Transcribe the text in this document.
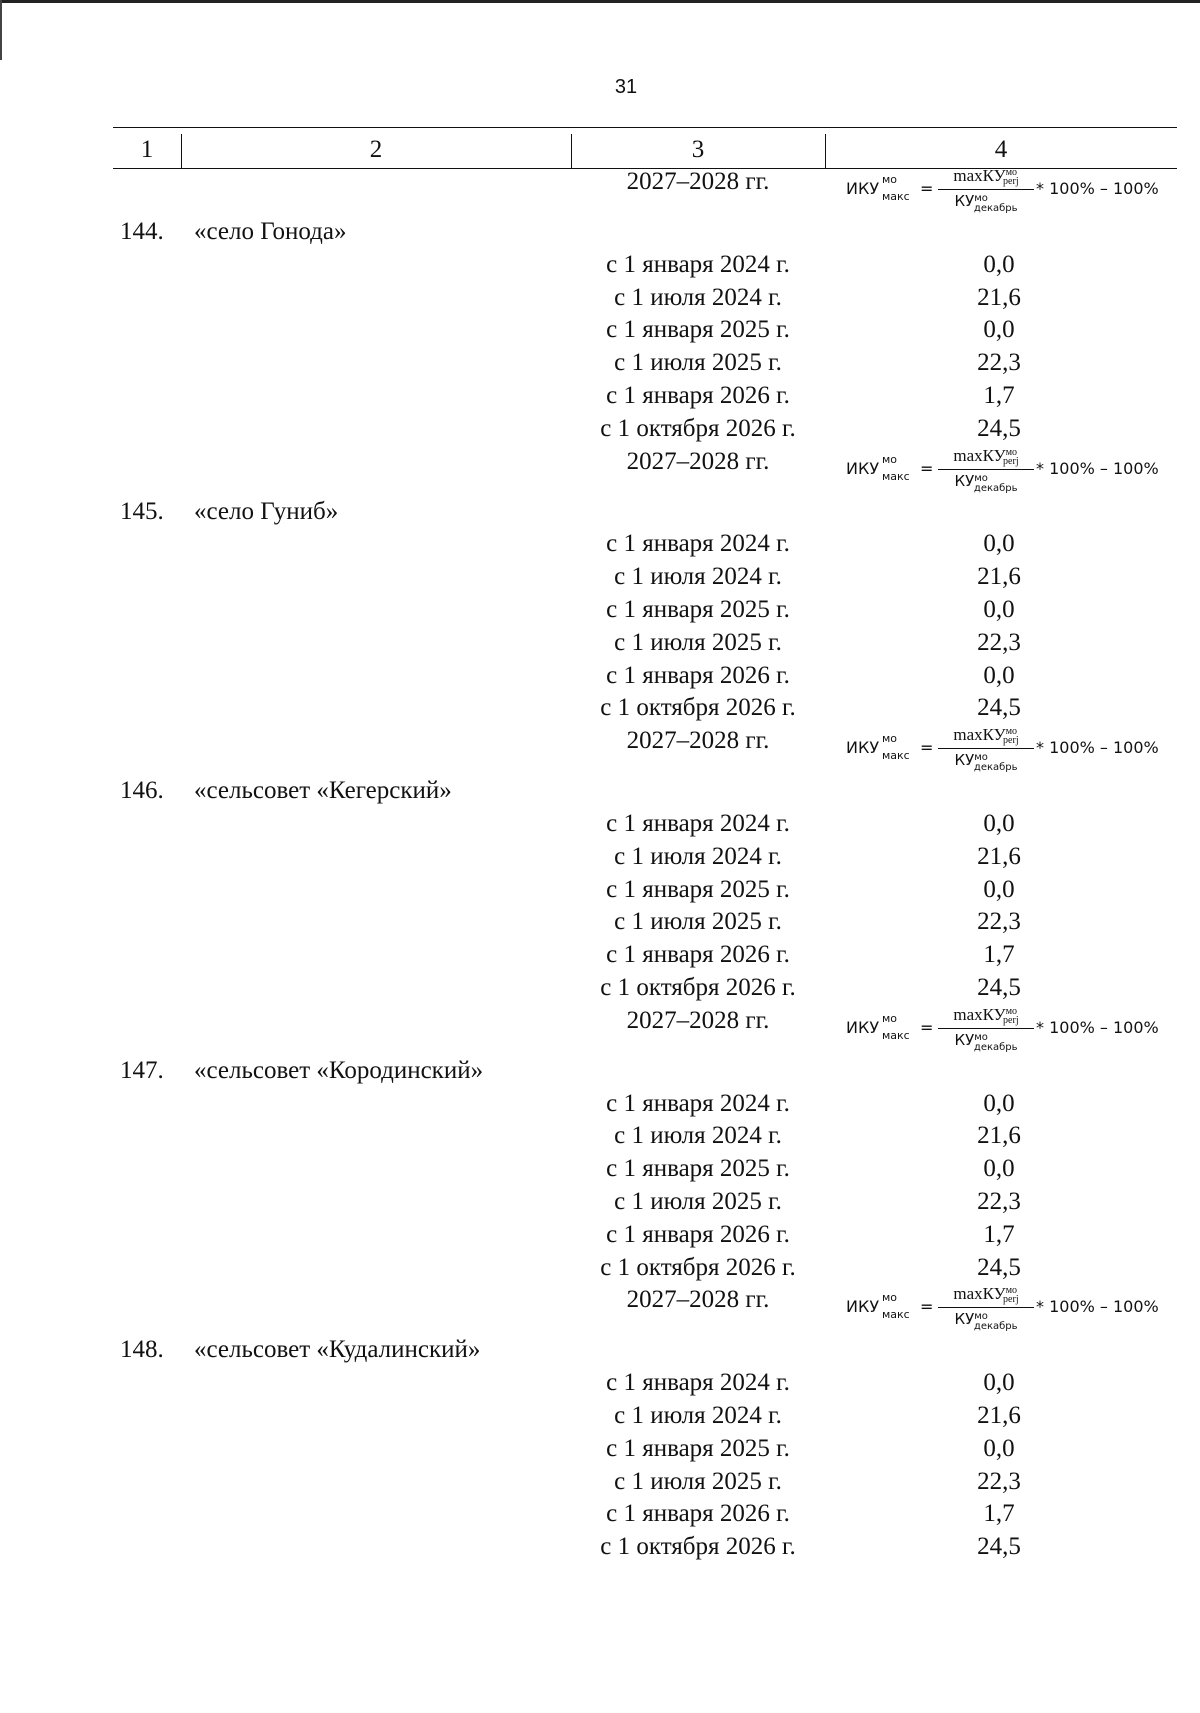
31
1	2	3	4
2027–2028 гг.	ИКУ мо
макс =
maxКУ$^{мо}$perj
$КУ^{мо}_{декабрь}$
* 100% – 100%
144.	«село Гонода»
с 1 января 2024 г.	0,0
с 1 июля 2024 г.	21,6
с 1 января 2025 г.	0,0
с 1 июля 2025 г.	22,3
с 1 января 2026 г.	1,7
с 1 октября 2026 г.	24,5
2027–2028 гг.	ИКУ мо
макс =
maxКУ$^{мо}$perj
$КУ^{мо}_{декабрь}$
* 100% – 100%
145.	«село Гуниб»
с 1 января 2024 г.	0,0
с 1 июля 2024 г.	21,6
с 1 января 2025 г.	0,0
с 1 июля 2025 г.	22,3
с 1 января 2026 г.	0,0
с 1 октября 2026 г.	24,5
2027–2028 гг.	ИКУ мо
макс =
maxКУ$^{мо}$perj
$КУ^{мо}_{декабрь}$
* 100% – 100%
146.	«сельсовет «Кегерский»
с 1 января 2024 г.	0,0
с 1 июля 2024 г.	21,6
с 1 января 2025 г.	0,0
с 1 июля 2025 г.	22,3
с 1 января 2026 г.	1,7
с 1 октября 2026 г.	24,5
2027–2028 гг.	ИКУ мо
макс =
maxКУ$^{мо}$perj
$КУ^{мо}_{декабрь}$
* 100% – 100%
147.	«сельсовет «Кородинский»
с 1 января 2024 г.	0,0
с 1 июля 2024 г.	21,6
с 1 января 2025 г.	0,0
с 1 июля 2025 г.	22,3
с 1 января 2026 г.	1,7
с 1 октября 2026 г.	24,5
2027–2028 гг.	ИКУ мо
макс =
maxКУ$^{мо}$perj
$КУ^{мо}_{декабрь}$
* 100% – 100%
148.	«сельсовет «Кудалинский»
с 1 января 2024 г.	0,0
с 1 июля 2024 г.	21,6
с 1 января 2025 г.	0,0
с 1 июля 2025 г.	22,3
с 1 января 2026 г.	1,7
с 1 октября 2026 г.	24,5
